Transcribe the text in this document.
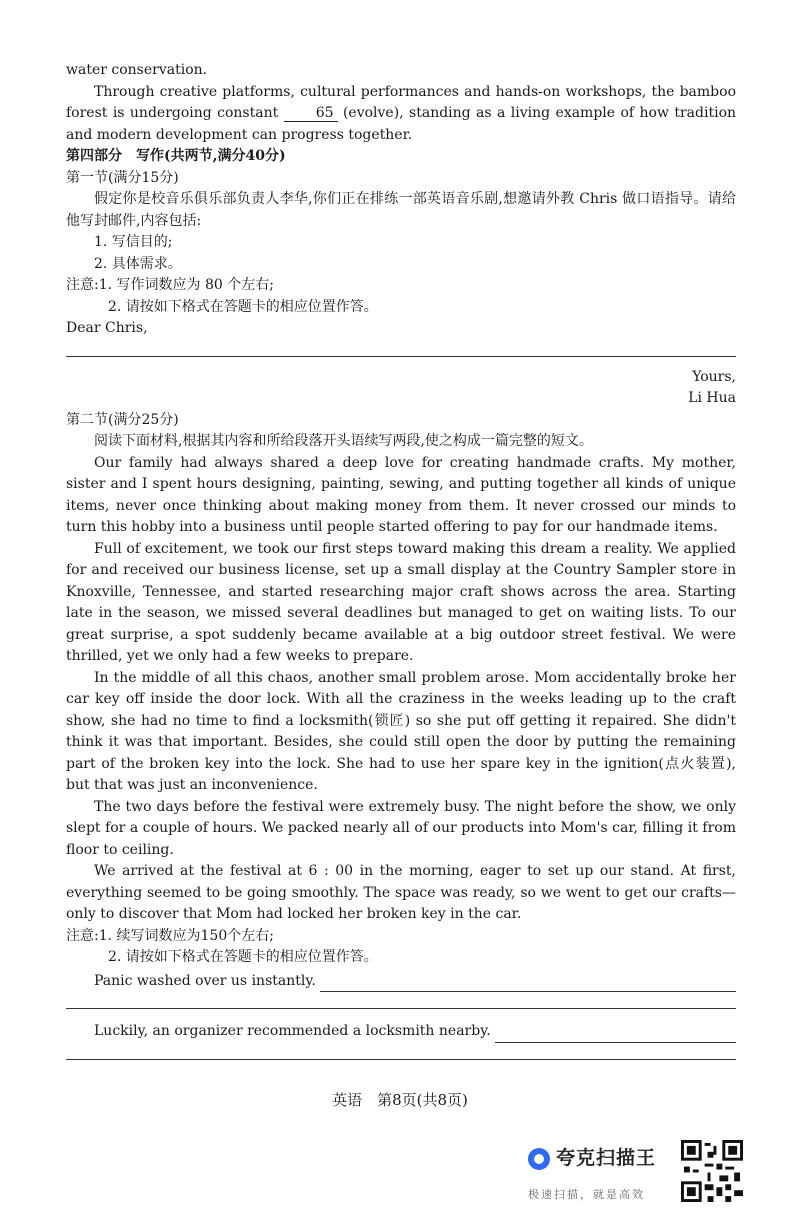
water conservation.

Through creative platforms, cultural performances and hands-on workshops, the bamboo forest is undergoing constant	65 (evolve), standing as a living example of how tradition and modern development can progress together.

第四部分　写作(共两节,满分40分)

第一节(满分15分)

假定你是校音乐俱乐部负责人李华,你们正在排练一部英语音乐剧,想邀请外教 Chris 做口语指导。请给他写封邮件,内容包括:

1. 写信目的;

2. 具体需求。

注意:1. 写作词数应为 80 个左右;

2. 请按如下格式在答题卡的相应位置作答。

Dear Chris,

Yours,

Li Hua

第二节(满分25分)

阅读下面材料,根据其内容和所给段落开头语续写两段,使之构成一篇完整的短文。

Our family had always shared a deep love for creating handmade crafts. My mother, sister and I spent hours designing, painting, sewing, and putting together all kinds of unique items, never once thinking about making money from them. It never crossed our minds to turn this hobby into a business until people started offering to pay for our handmade items.

Full of excitement, we took our first steps toward making this dream a reality. We applied for and received our business license, set up a small display at the Country Sampler store in Knoxville, Tennessee, and started researching major craft shows across the area. Starting late in the season, we missed several deadlines but managed to get on waiting lists. To our great surprise, a spot suddenly became available at a big outdoor street festival. We were thrilled, yet we only had a few weeks to prepare.

In the middle of all this chaos, another small problem arose. Mom accidentally broke her car key off inside the door lock. With all the craziness in the weeks leading up to the craft show, she had no time to find a locksmith(锁匠) so she put off getting it repaired. She didn't think it was that important. Besides, she could still open the door by putting the remaining part of the broken key into the lock. She had to use her spare key in the ignition(点火装置), but that was just an inconvenience.

The two days before the festival were extremely busy. The night before the show, we only slept for a couple of hours. We packed nearly all of our products into Mom's car, filling it from floor to ceiling.

We arrived at the festival at 6 : 00 in the morning, eager to set up our stand. At first, everything seemed to be going smoothly. The space was ready, so we went to get our crafts—only to discover that Mom had locked her broken key in the car.

注意:1. 续写词数应为150个左右;

2. 请按如下格式在答题卡的相应位置作答。

Panic washed over us instantly.
Luckily, an organizer recommended a locksmith nearby.
英语　第8页(共8页)
夸克扫描王
极速扫描，就是高效
